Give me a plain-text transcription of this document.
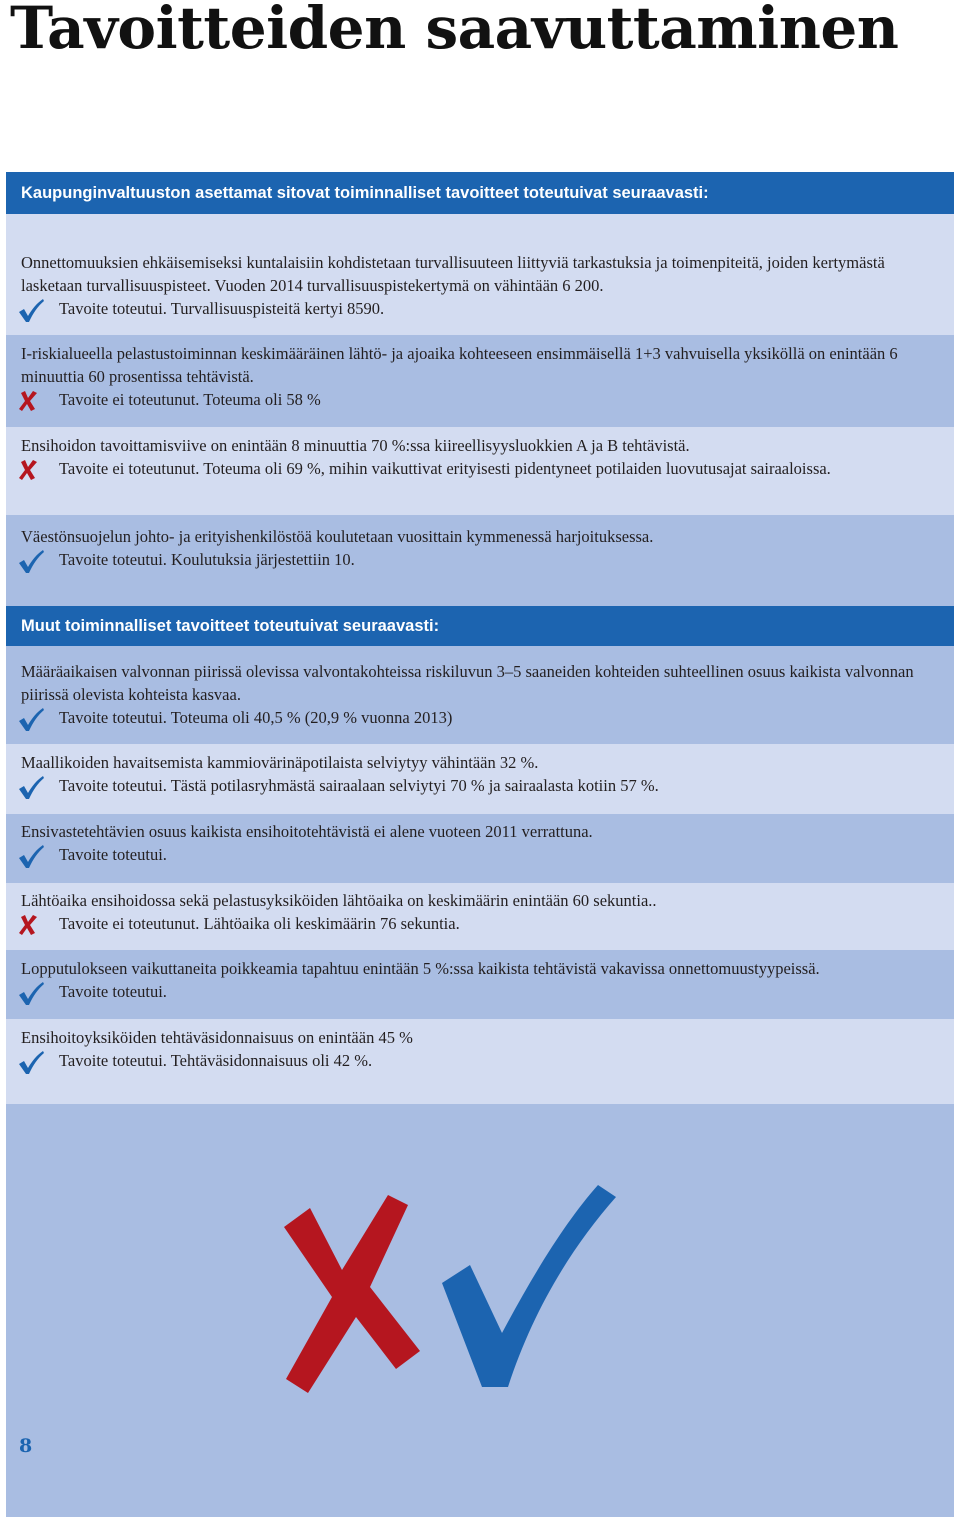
Tavoitteiden saavuttaminen
Kaupunginvaltuuston asettamat sitovat toiminnalliset tavoitteet toteutuivat seuraavasti:

Onnettomuuksien ehkäisemiseksi kuntalaisiin kohdistetaan turvallisuuteen liittyviä tarkastuksia ja toimenpiteitä, joiden kertymästä lasketaan turvallisuuspisteet. Vuoden 2014 turvallisuuspistekertymä on vähintään 6 200.

Tavoite toteutui. Turvallisuuspisteitä kertyi 8590.

I-riskialueella pelastustoiminnan keskimääräinen lähtö- ja ajoaika kohteeseen ensimmäisellä 1+3 vahvuisella yksiköllä on enintään 6 minuuttia 60 prosentissa tehtävistä.

Tavoite ei toteutunut. Toteuma oli 58 %

Ensihoidon tavoittamisviive on enintään 8 minuuttia 70 %:ssa kiireellisyysluokkien A ja B tehtävistä.

Tavoite ei toteutunut. Toteuma oli 69 %, mihin vaikuttivat erityisesti pidentyneet potilaiden luovutusajat sairaaloissa.

Väestönsuojelun johto- ja erityishenkilöstöä koulutetaan vuosittain kymmenessä harjoituksessa.

Tavoite toteutui. Koulutuksia järjestettiin 10.
Muut toiminnalliset tavoitteet toteutuivat seuraavasti:

Määräaikaisen valvonnan piirissä olevissa valvontakohteissa riskiluvun 3–5 saaneiden kohteiden suhteellinen osuus kaikista valvonnan piirissä olevista kohteista kasvaa.

Tavoite toteutui. Toteuma oli 40,5 % (20,9 % vuonna 2013)

Maallikoiden havaitsemista kammiovärinäpotilaista selviytyy vähintään 32 %.

Tavoite toteutui. Tästä potilasryhmästä sairaalaan selviytyi 70 % ja sairaalasta kotiin 57 %.

Ensivastetehtävien osuus kaikista ensihoitotehtävistä ei alene vuoteen 2011 verrattuna.

Tavoite toteutui.

Lähtöaika ensihoidossa sekä pelastusyksiköiden lähtöaika on keskimäärin enintään 60 sekuntia..

Tavoite ei toteutunut. Lähtöaika oli keskimäärin 76 sekuntia.

Lopputulokseen vaikuttaneita poikkeamia tapahtuu enintään 5 %:ssa kaikista tehtävistä vakavissa onnettomuustyypeissä.

Tavoite toteutui.

Ensihoitoyksiköiden tehtäväsidonnaisuus on enintään 45 %

Tavoite toteutui. Tehtäväsidonnaisuus oli 42 %.
8
